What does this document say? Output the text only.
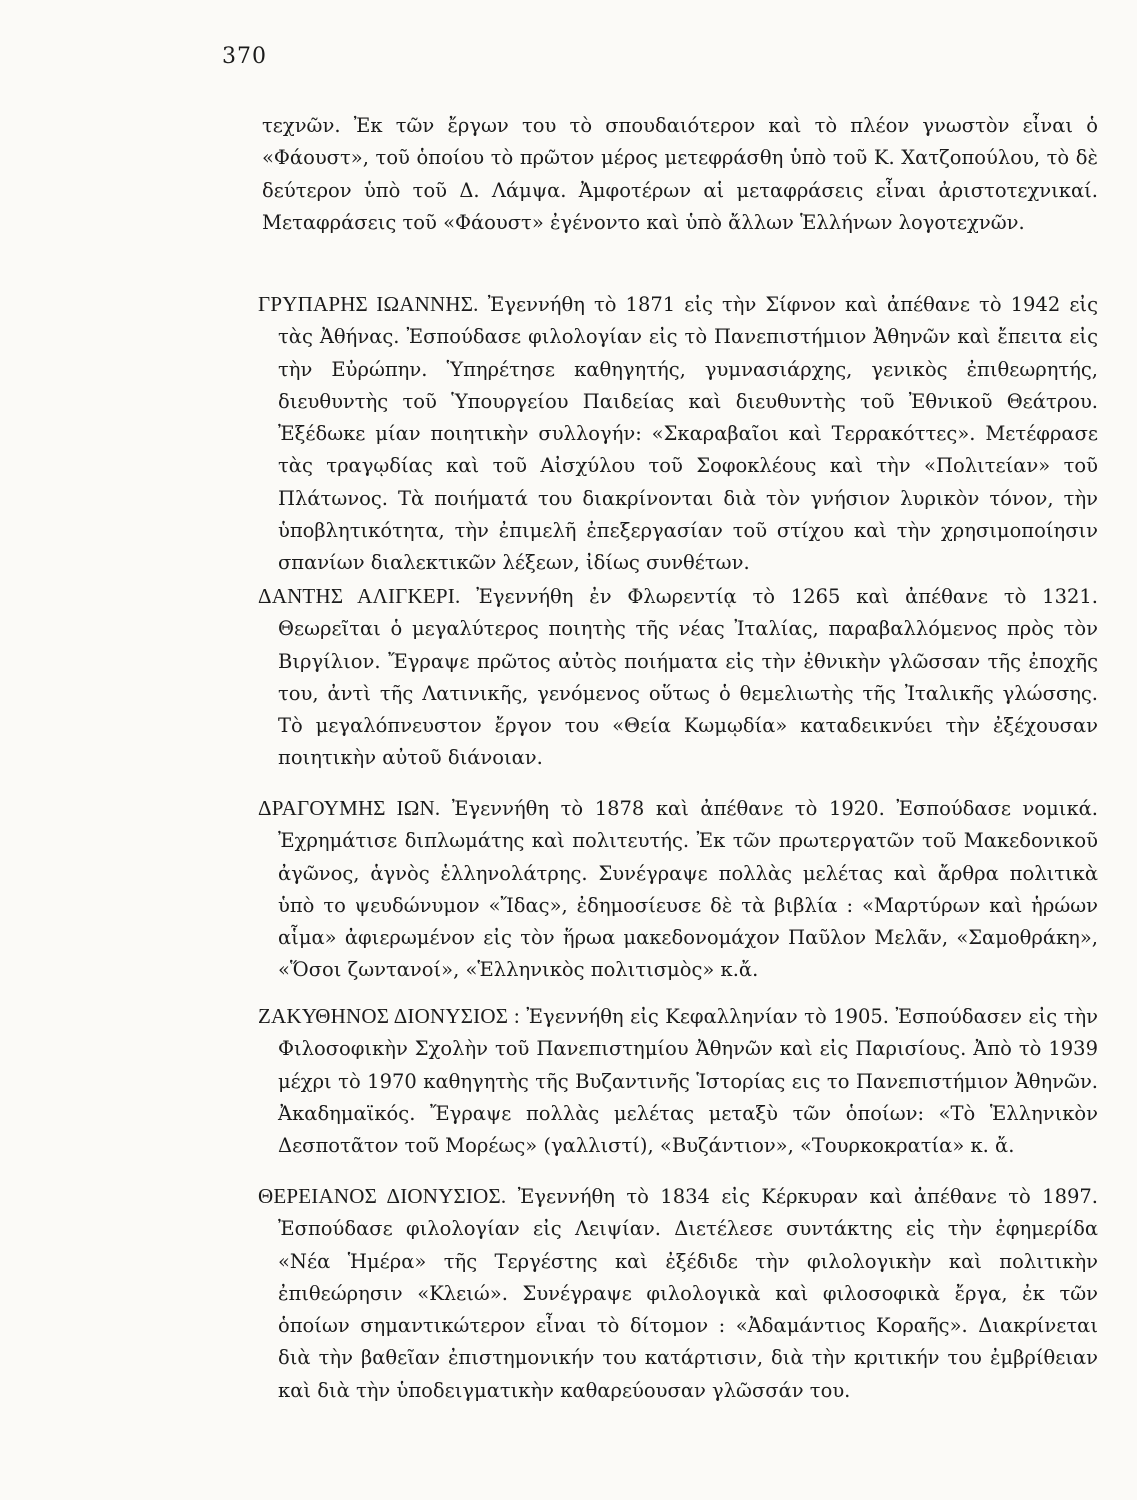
370
τεχνῶν. Ἐκ τῶν ἔργων του τὸ σπουδαιότερον καὶ τὸ πλέον γνωστὸν εἶναι ὁ «Φάουστ», τοῦ ὁποίου τὸ πρῶτον μέρος μετεφράσθη ὑπὸ τοῦ Κ. Χατζοπούλου, τὸ δὲ δεύτερον ὑπὸ τοῦ Δ. Λάμψα. Ἀμφοτέρων αἱ μεταφράσεις εἶναι ἀριστοτεχνικαί. Μεταφράσεις τοῦ «Φάουστ» ἐγένοντο καὶ ὑπὸ ἄλλων Ἑλλήνων λογοτεχνῶν.
ΓΡΥΠΑΡΗΣ ΙΩΑΝΝΗΣ. Ἐγεννήθη τὸ 1871 εἰς τὴν Σίφνον καὶ ἀπέθανε τὸ 1942 εἰς τὰς Ἀθήνας. Ἐσπούδασε φιλολογίαν εἰς τὸ Πανεπιστήμιον Ἀθηνῶν καὶ ἔπειτα εἰς τὴν Εὐρώπην. Ὑπηρέτησε καθηγητής, γυμνασιάρχης, γενικὸς ἐπιθεωρητής, διευθυντὴς τοῦ Ὑπουργείου Παιδείας καὶ διευθυντὴς τοῦ Ἐθνικοῦ Θεάτρου. Ἐξέδωκε μίαν ποιητικὴν συλλογήν: «Σκαραβαῖοι καὶ Τερρακόττες». Μετέφρασε τὰς τραγῳδίας καὶ τοῦ Αἰσχύλου τοῦ Σοφοκλέους καὶ τὴν «Πολιτείαν» τοῦ Πλάτωνος. Τὰ ποιήματά του διακρίνονται διὰ τὸν γνήσιον λυρικὸν τόνον, τὴν ὑποβλητικότητα, τὴν ἐπιμελῆ ἐπεξεργασίαν τοῦ στίχου καὶ τὴν χρησιμοποίησιν σπανίων διαλεκτικῶν λέξεων, ἰδίως συνθέτων.
ΔΑΝΤΗΣ ΑΛΙΓΚΕΡΙ. Ἐγεννήθη ἐν Φλωρεντίᾳ τὸ 1265 καὶ ἀπέθανε τὸ 1321. Θεωρεῖται ὁ μεγαλύτερος ποιητὴς τῆς νέας Ἰταλίας, παραβαλλόμενος πρὸς τὸν Βιργίλιον. Ἔγραψε πρῶτος αὐτὸς ποιήματα εἰς τὴν ἐθνικὴν γλῶσσαν τῆς ἐποχῆς του, ἀντὶ τῆς Λατινικῆς, γενόμενος οὕτως ὁ θεμελιωτὴς τῆς Ἰταλικῆς γλώσσης. Τὸ μεγαλόπνευστον ἔργον του «Θεία Κωμῳδία» καταδεικνύει τὴν ἐξέχουσαν ποιητικὴν αὐτοῦ διάνοιαν.
ΔΡΑΓΟΥΜΗΣ ΙΩΝ. Ἐγεννήθη τὸ 1878 καὶ ἀπέθανε τὸ 1920. Ἐσπούδασε νομικά. Ἐχρημάτισε διπλωμάτης καὶ πολιτευτής. Ἐκ τῶν πρωτεργατῶν τοῦ Μακεδονικοῦ ἀγῶνος, ἁγνὸς ἑλληνολάτρης. Συνέγραψε πολλὰς μελέτας καὶ ἄρθρα πολιτικὰ ὑπὸ το ψευδώνυμον «Ἴδας», ἐδημοσίευσε δὲ τὰ βιβλία : «Μαρτύρων καὶ ἡρώων αἷμα» ἀφιερωμένον εἰς τὸν ἥρωα μακεδονομάχον Παῦλον Μελᾶν, «Σαμοθράκη», «Ὅσοι ζωντανοί», «Ἑλληνικὸς πολιτισμὸς» κ.ἄ.
ΖΑΚΥΘΗΝΟΣ ΔΙΟΝΥΣΙΟΣ : Ἐγεννήθη εἰς Κεφαλληνίαν τὸ 1905. Ἐσπούδασεν εἰς τὴν Φιλοσοφικὴν Σχολὴν τοῦ Πανεπιστημίου Ἀθηνῶν καὶ εἰς Παρισίους. Ἀπὸ τὸ 1939 μέχρι τὸ 1970 καθηγητὴς τῆς Βυζαντινῆς Ἱστορίας εις το Πανεπιστήμιον Ἀθηνῶν. Ἀκαδημαϊκός. Ἔγραψε πολλὰς μελέτας μεταξὺ τῶν ὁποίων: «Τὸ Ἑλληνικὸν Δεσποτᾶτον τοῦ Μορέως» (γαλλιστί), «Βυζάντιον», «Τουρκοκρατία» κ. ἄ.
ΘΕΡΕΙΑΝΟΣ ΔΙΟΝΥΣΙΟΣ. Ἐγεννήθη τὸ 1834 εἰς Κέρκυραν καὶ ἀπέθανε τὸ 1897. Ἐσπούδασε φιλολογίαν εἰς Λειψίαν. Διετέλεσε συντάκτης εἰς τὴν ἐφημερίδα «Νέα Ἡμέρα» τῆς Τεργέστης καὶ ἐξέδιδε τὴν φιλολογικὴν καὶ πολιτικὴν ἐπιθεώρησιν «Κλειώ». Συνέγραψε φιλολογικὰ καὶ φιλοσοφικὰ ἔργα, ἐκ τῶν ὁποίων σημαντικώτερον εἶναι τὸ δίτομον : «Ἀδαμάντιος Κοραῆς». Διακρίνεται διὰ τὴν βαθεῖαν ἐπιστημονικήν του κατάρτισιν, διὰ τὴν κριτικήν του ἐμβρίθειαν καὶ διὰ τὴν ὑποδειγματικὴν καθαρεύουσαν γλῶσσάν του.
